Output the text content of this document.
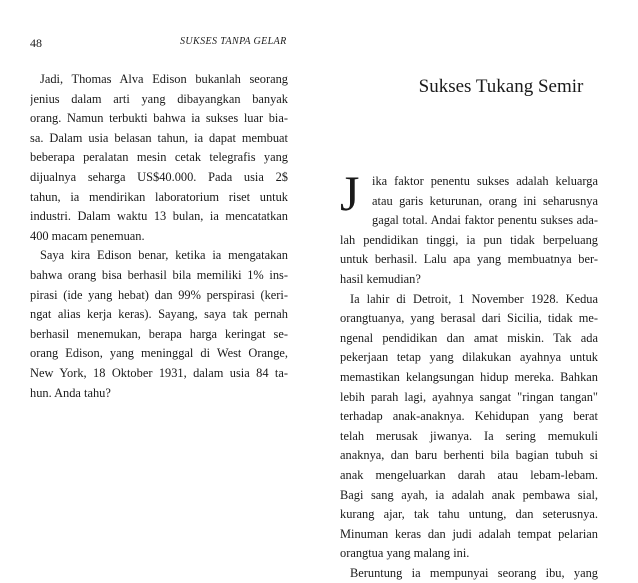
48	SUKSES TANPA GELAR
Jadi, Thomas Alva Edison bukanlah seorang
jenius dalam arti yang dibayangkan banyak
orang. Namun terbukti bahwa ia sukses luar bia-
sa. Dalam usia belasan tahun, ia dapat membuat
beberapa peralatan mesin cetak telegrafis yang
dijualnya seharga US$40.000. Pada usia 2$
tahun, ia mendirikan laboratorium riset untuk
industri. Dalam waktu 13 bulan, ia mencatatkan
400 macam penemuan.
Saya kira Edison benar, ketika ia mengatakan
bahwa orang bisa berhasil bila memiliki 1% ins-
pirasi (ide yang hebat) dan 99% perspirasi (keri-
ngat alias kerja keras). Sayang, saya tak pernah
berhasil menemukan, berapa harga keringat se-
orang Edison, yang meninggal di West Orange,
New York, 18 Oktober 1931, dalam usia 84 ta-
hun. Anda tahu?
Sukses Tukang Semir
J	ika faktor penentu sukses adalah keluarga
atau garis keturunan, orang ini seharusnya
gagal total. Andai faktor penentu sukses ada-
lah pendidikan tinggi, ia pun tidak berpeluang
untuk berhasil. Lalu apa yang membuatnya ber-
hasil kemudian?
Ia lahir di Detroit, 1 November 1928. Kedua
orangtuanya, yang berasal dari Sicilia, tidak me-
ngenal pendidikan dan amat miskin. Tak ada
pekerjaan tetap yang dilakukan ayahnya untuk
memastikan kelangsungan hidup mereka. Bahkan
lebih parah lagi, ayahnya sangat "ringan tangan"
terhadap anak-anaknya. Kehidupan yang berat
telah merusak jiwanya. Ia sering memukuli
anaknya, dan baru berhenti bila bagian tubuh si
anak mengeluarkan darah atau lebam-lebam.
Bagi sang ayah, ia adalah anak pembawa sial,
kurang ajar, tak tahu untung, dan seterusnya.
Minuman keras dan judi adalah tempat pelarian
orangtua yang malang ini.
Beruntung ia mempunyai seorang ibu, yang
